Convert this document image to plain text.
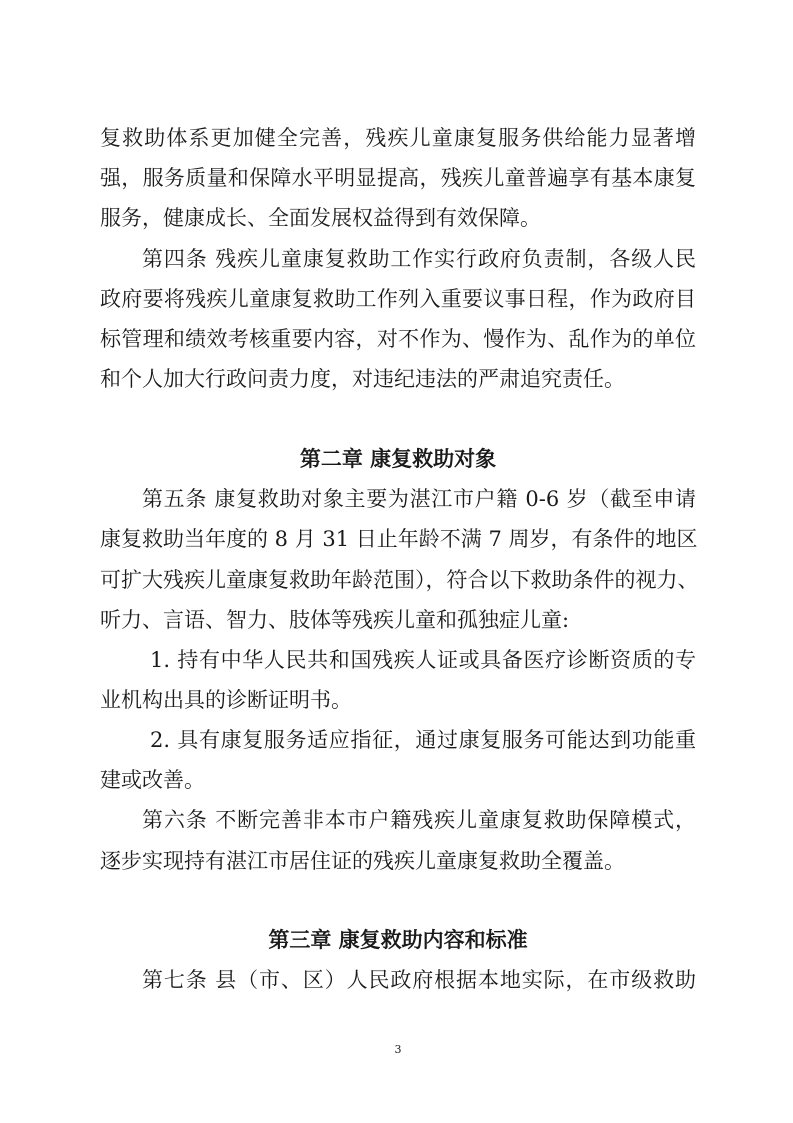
复救助体系更加健全完善，残疾儿童康复服务供给能力显著增
强，服务质量和保障水平明显提高，残疾儿童普遍享有基本康复
服务，健康成长、全面发展权益得到有效保障。
第四条 残疾儿童康复救助工作实行政府负责制，各级人民
政府要将残疾儿童康复救助工作列入重要议事日程，作为政府目
标管理和绩效考核重要内容，对不作为、慢作为、乱作为的单位
和个人加大行政问责力度，对违纪违法的严肃追究责任。
第二章 康复救助对象
第五条 康复救助对象主要为湛江市户籍 0-6 岁（截至申请
康复救助当年度的 8 月 31 日止年龄不满 7 周岁，有条件的地区
可扩大残疾儿童康复救助年龄范围），符合以下救助条件的视力、
听力、言语、智力、肢体等残疾儿童和孤独症儿童:
1. 持有中华人民共和国残疾人证或具备医疗诊断资质的专
业机构出具的诊断证明书。
2. 具有康复服务适应指征，通过康复服务可能达到功能重
建或改善。
第六条 不断完善非本市户籍残疾儿童康复救助保障模式，
逐步实现持有湛江市居住证的残疾儿童康复救助全覆盖。
第三章 康复救助内容和标准
第七条 县（市、区）人民政府根据本地实际，在市级救助
3
